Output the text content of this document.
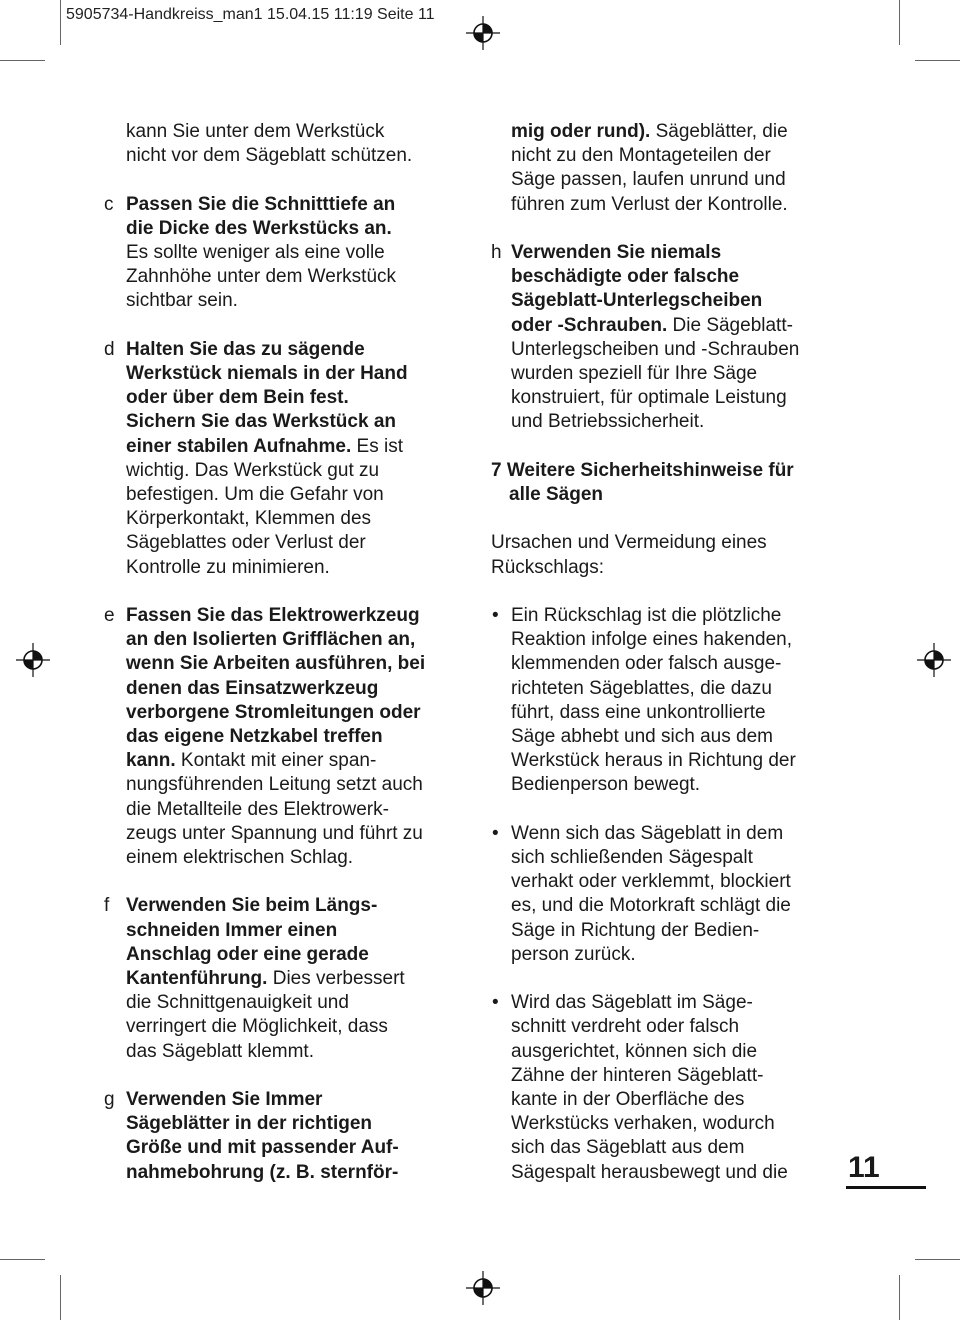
5905734-Handkreiss_man1 15.04.15 11:19 Seite 11
kann Sie unter dem Werkstück
nicht vor dem Sägeblatt schützen.
c Passen Sie die Schnitttiefe an
die Dicke des Werkstücks an.
Es sollte weniger als eine volle
Zahnhöhe unter dem Werkstück
sichtbar sein.
d Halten Sie das zu sägende
Werkstück niemals in der Hand
oder über dem Bein fest.
Sichern Sie das Werkstück an
einer stabilen Aufnahme. Es ist
wichtig. Das Werkstück gut zu
befestigen. Um die Gefahr von
Körperkontakt, Klemmen des
Sägeblattes oder Verlust der
Kontrolle zu minimieren.
e Fassen Sie das Elektrowerkzeug
an den Isolierten Grifflächen an,
wenn Sie Arbeiten ausführen, bei
denen das Einsatzwerkzeug
verborgene Stromleitungen oder
das eigene Netzkabel treffen
kann. Kontakt mit einer span-
nungsführenden Leitung setzt auch
die Metallteile des Elektrowerk-
zeugs unter Spannung und führt zu
einem elektrischen Schlag.
f Verwenden Sie beim Längs-
schneiden Immer einen
Anschlag oder eine gerade
Kantenführung. Dies verbessert
die Schnittgenauigkeit und
verringert die Möglichkeit, dass
das Sägeblatt klemmt.
g Verwenden Sie Immer
Sägeblätter in der richtigen
Größe und mit passender Auf-
nahmebohrung (z. B. sternför-
mig oder rund). Sägeblätter, die
nicht zu den Montageteilen der
Säge passen, laufen unrund und
führen zum Verlust der Kontrolle.
h Verwenden Sie niemals
beschädigte oder falsche
Sägeblatt-Unterlegscheiben
oder -Schrauben. Die Sägeblatt-
Unterlegscheiben und -Schrauben
wurden speziell für Ihre Säge
konstruiert, für optimale Leistung
und Betriebssicherheit.
7 Weitere Sicherheitshinweise für
alle Sägen
Ursachen und Vermeidung eines
Rückschlags:
• Ein Rückschlag ist die plötzliche
Reaktion infolge eines hakenden,
klemmenden oder falsch ausge-
richteten Sägeblattes, die dazu
führt, dass eine unkontrollierte
Säge abhebt und sich aus dem
Werkstück heraus in Richtung der
Bedienperson bewegt.
• Wenn sich das Sägeblatt in dem
sich schließenden Sägespalt
verhakt oder verklemmt, blockiert
es, und die Motorkraft schlägt die
Säge in Richtung der Bedien-
person zurück.
• Wird das Sägeblatt im Säge-
schnitt verdreht oder falsch
ausgerichtet, können sich die
Zähne der hinteren Sägeblatt-
kante in der Oberfläche des
Werkstücks verhaken, wodurch
sich das Sägeblatt aus dem
Sägespalt herausbewegt und die	11
